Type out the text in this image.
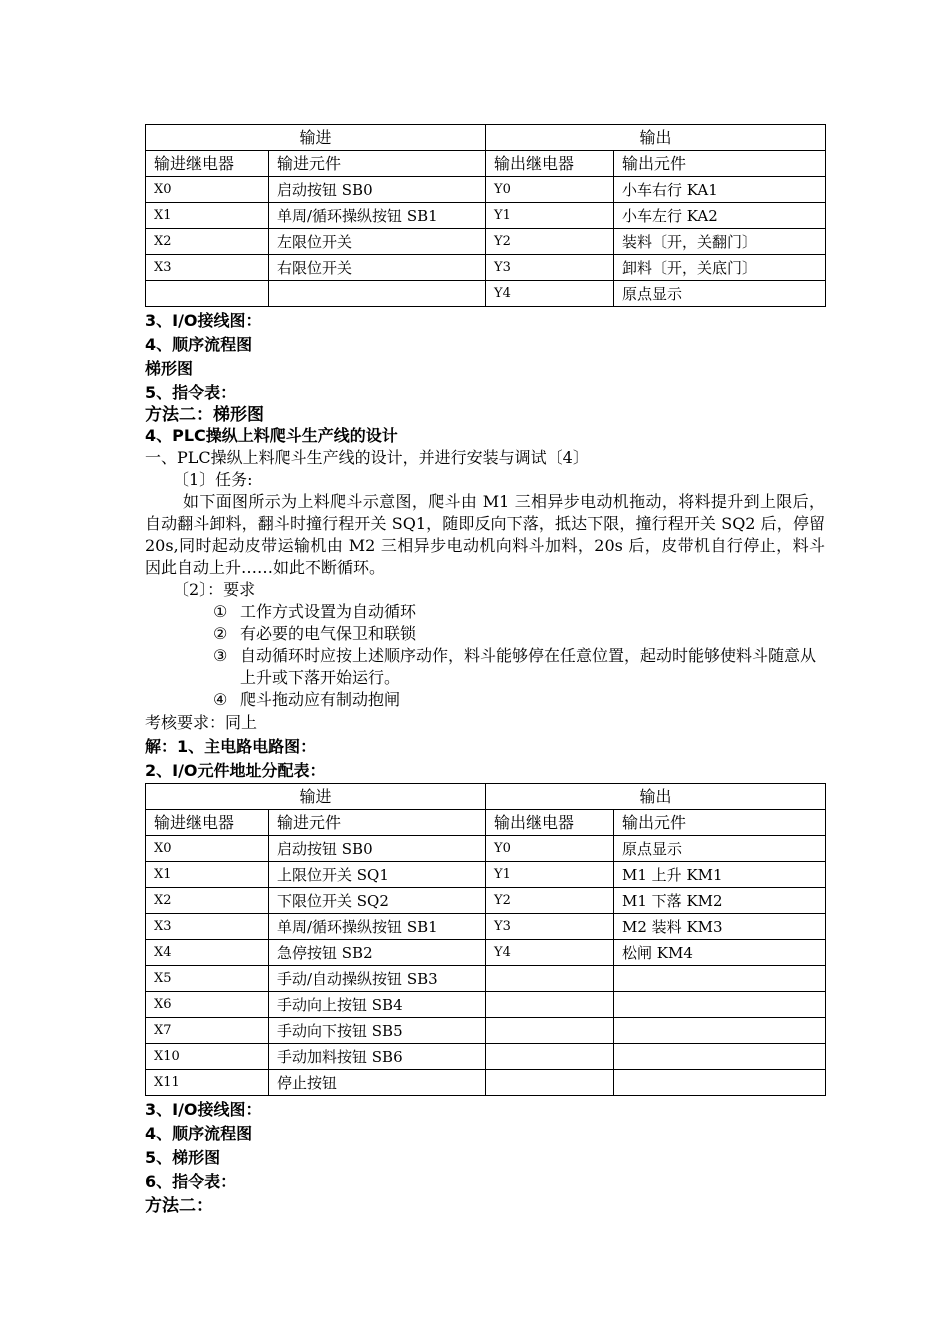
输进		输出	
输进继电器	输进元件	输出继电器	输出元件
X0	启动按钮 SB0	Y0	小车右行 KA1
X1	单周/循环操纵按钮 SB1	Y1	小车左行 KA2
X2	左限位开关	Y2	装料〔开，关翻门〕
X3	右限位开关	Y3	卸料〔开，关底门〕
		Y4	原点显示

3、I/O接线图：

4、顺序流程图

梯形图

5、指令表：

方法二：梯形图

4、PLC操纵上料爬斗生产线的设计

一、PLC操纵上料爬斗生产线的设计，并进行安装与调试〔4〕

〔1〕任务:

如下面图所示为上料爬斗示意图，爬斗由 M1 三相异步电动机拖动，将料提升到上限后，自动翻斗卸料，翻斗时撞行程开关 SQ1，随即反向下落，抵达下限，撞行程开关 SQ2 后，停留 20s,同时起动皮带运输机由 M2 三相异步电动机向料斗加料，20s 后，皮带机自行停止，料斗因此自动上升……如此不断循环。

〔2〕：要求

① 工作方式设置为自动循环

② 有必要的电气保卫和联锁

③ 自动循环时应按上述顺序动作，料斗能够停在任意位置，起动时能够使料斗随意从上升或下落开始运行。

④ 爬斗拖动应有制动抱闸

考核要求：同上

解：1、主电路电路图：

2、I/O元件地址分配表：

输进		输出	
输进继电器	输进元件	输出继电器	输出元件
X0	启动按钮 SB0	Y0	原点显示
X1	上限位开关 SQ1	Y1	M1 上升 KM1
X2	下限位开关 SQ2	Y2	M1 下落 KM2
X3	单周/循环操纵按钮 SB1	Y3	M2 装料 KM3
X4	急停按钮 SB2	Y4	松闸 KM4
X5	手动/自动操纵按钮 SB3		
X6	手动向上按钮 SB4		
X7	手动向下按钮 SB5		
X10	手动加料按钮 SB6		
X11	停止按钮		

3、I/O接线图：

4、顺序流程图

5、梯形图

6、指令表：

方法二：
